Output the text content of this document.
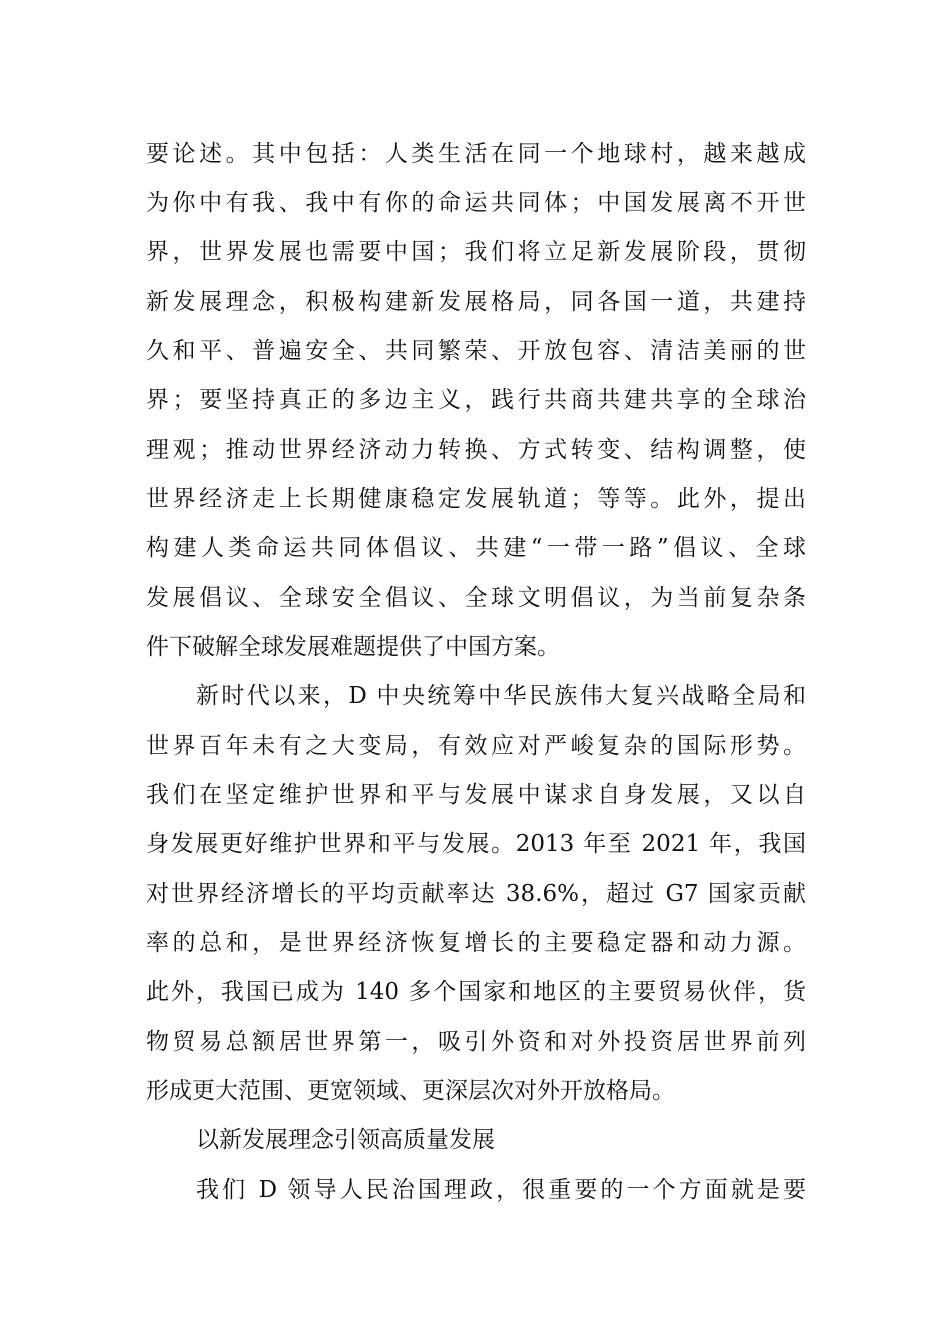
要论述。其中包括：人类生活在同一个地球村，越来越成

为你中有我、我中有你的命运共同体；中国发展离不开世

界，世界发展也需要中国；我们将立足新发展阶段，贯彻

新发展理念，积极构建新发展格局，同各国一道，共建持

久和平、普遍安全、共同繁荣、开放包容、清洁美丽的世

界；要坚持真正的多边主义，践行共商共建共享的全球治

理观；推动世界经济动力转换、方式转变、结构调整，使

世界经济走上长期健康稳定发展轨道；等等。此外，提出

构建人类命运共同体倡议、共建“一带一路”倡议、全球

发展倡议、全球安全倡议、全球文明倡议，为当前复杂条

件下破解全球发展难题提供了中国方案。

新时代以来，D 中央统筹中华民族伟大复兴战略全局和

世界百年未有之大变局，有效应对严峻复杂的国际形势。

我们在坚定维护世界和平与发展中谋求自身发展，又以自

身发展更好维护世界和平与发展。2013 年至 2021 年，我国

对世界经济增长的平均贡献率达 38.6%，超过 G7 国家贡献

率的总和，是世界经济恢复增长的主要稳定器和动力源。

此外，我国已成为 140 多个国家和地区的主要贸易伙伴，货

物贸易总额居世界第一，吸引外资和对外投资居世界前列

形成更大范围、更宽领域、更深层次对外开放格局。

以新发展理念引领高质量发展

我们 D 领导人民治国理政，很重要的一个方面就是要
